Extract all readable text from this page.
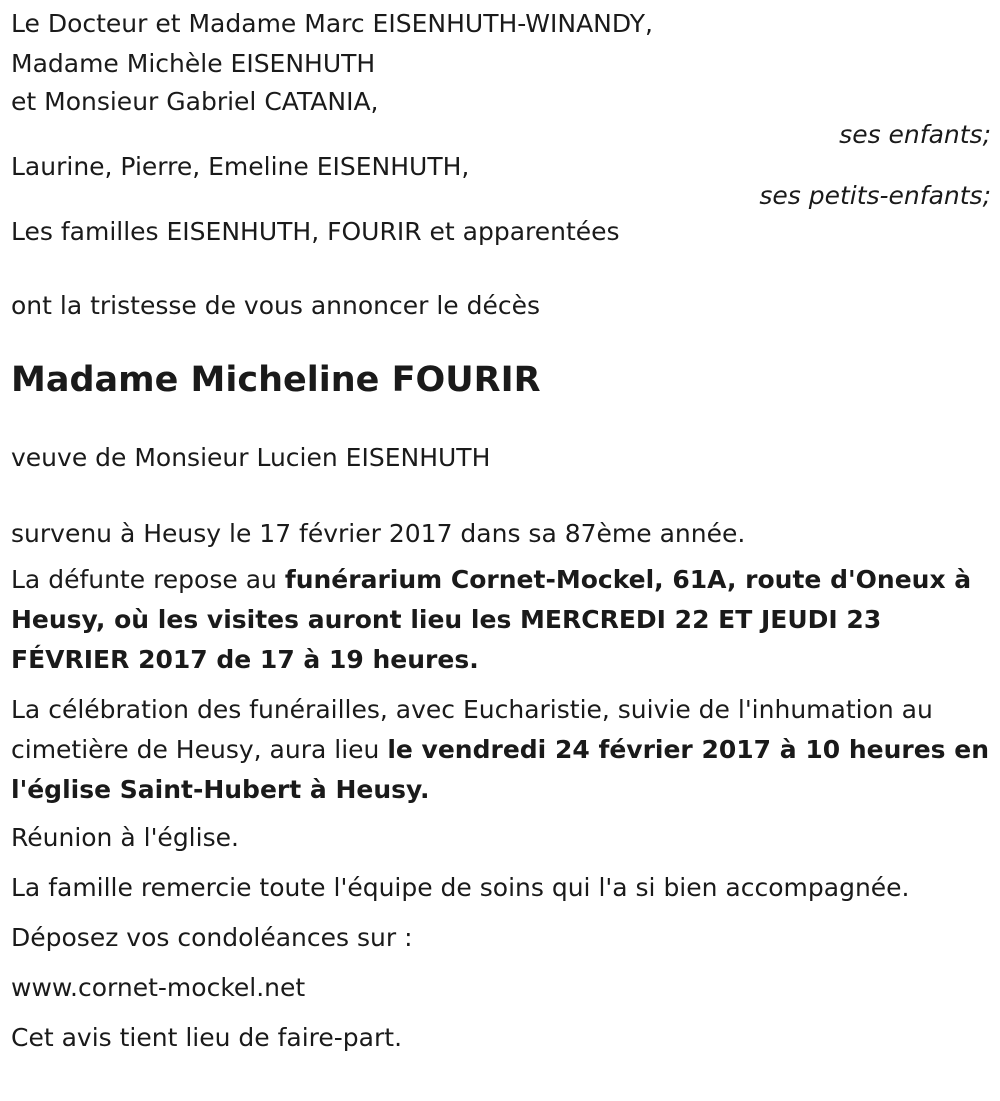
Le Docteur et Madame Marc EISENHUTH-WINANDY,
Madame Michèle EISENHUTH
et Monsieur Gabriel CATANIA,
ses enfants;
Laurine, Pierre, Emeline EISENHUTH,
ses petits-enfants;
Les familles EISENHUTH, FOURIR et apparentées
ont la tristesse de vous annoncer le décès
Madame Micheline FOURIR
veuve de Monsieur Lucien EISENHUTH
survenu à Heusy le 17 février 2017 dans sa 87ème année.
La défunte repose au funérarium Cornet-Mockel, 61A, route d'Oneux à Heusy, où les visites auront lieu les MERCREDI 22 ET JEUDI 23 FÉVRIER 2017 de 17 à 19 heures.
La célébration des funérailles, avec Eucharistie, suivie de l'inhumation au cimetière de Heusy, aura lieu le vendredi 24 février 2017 à 10 heures en l'église Saint-Hubert à Heusy.
Réunion à l'église.
La famille remercie toute l'équipe de soins qui l'a si bien accompagnée.
Déposez vos condoléances sur :
www.cornet-mockel.net
Cet avis tient lieu de faire-part.
